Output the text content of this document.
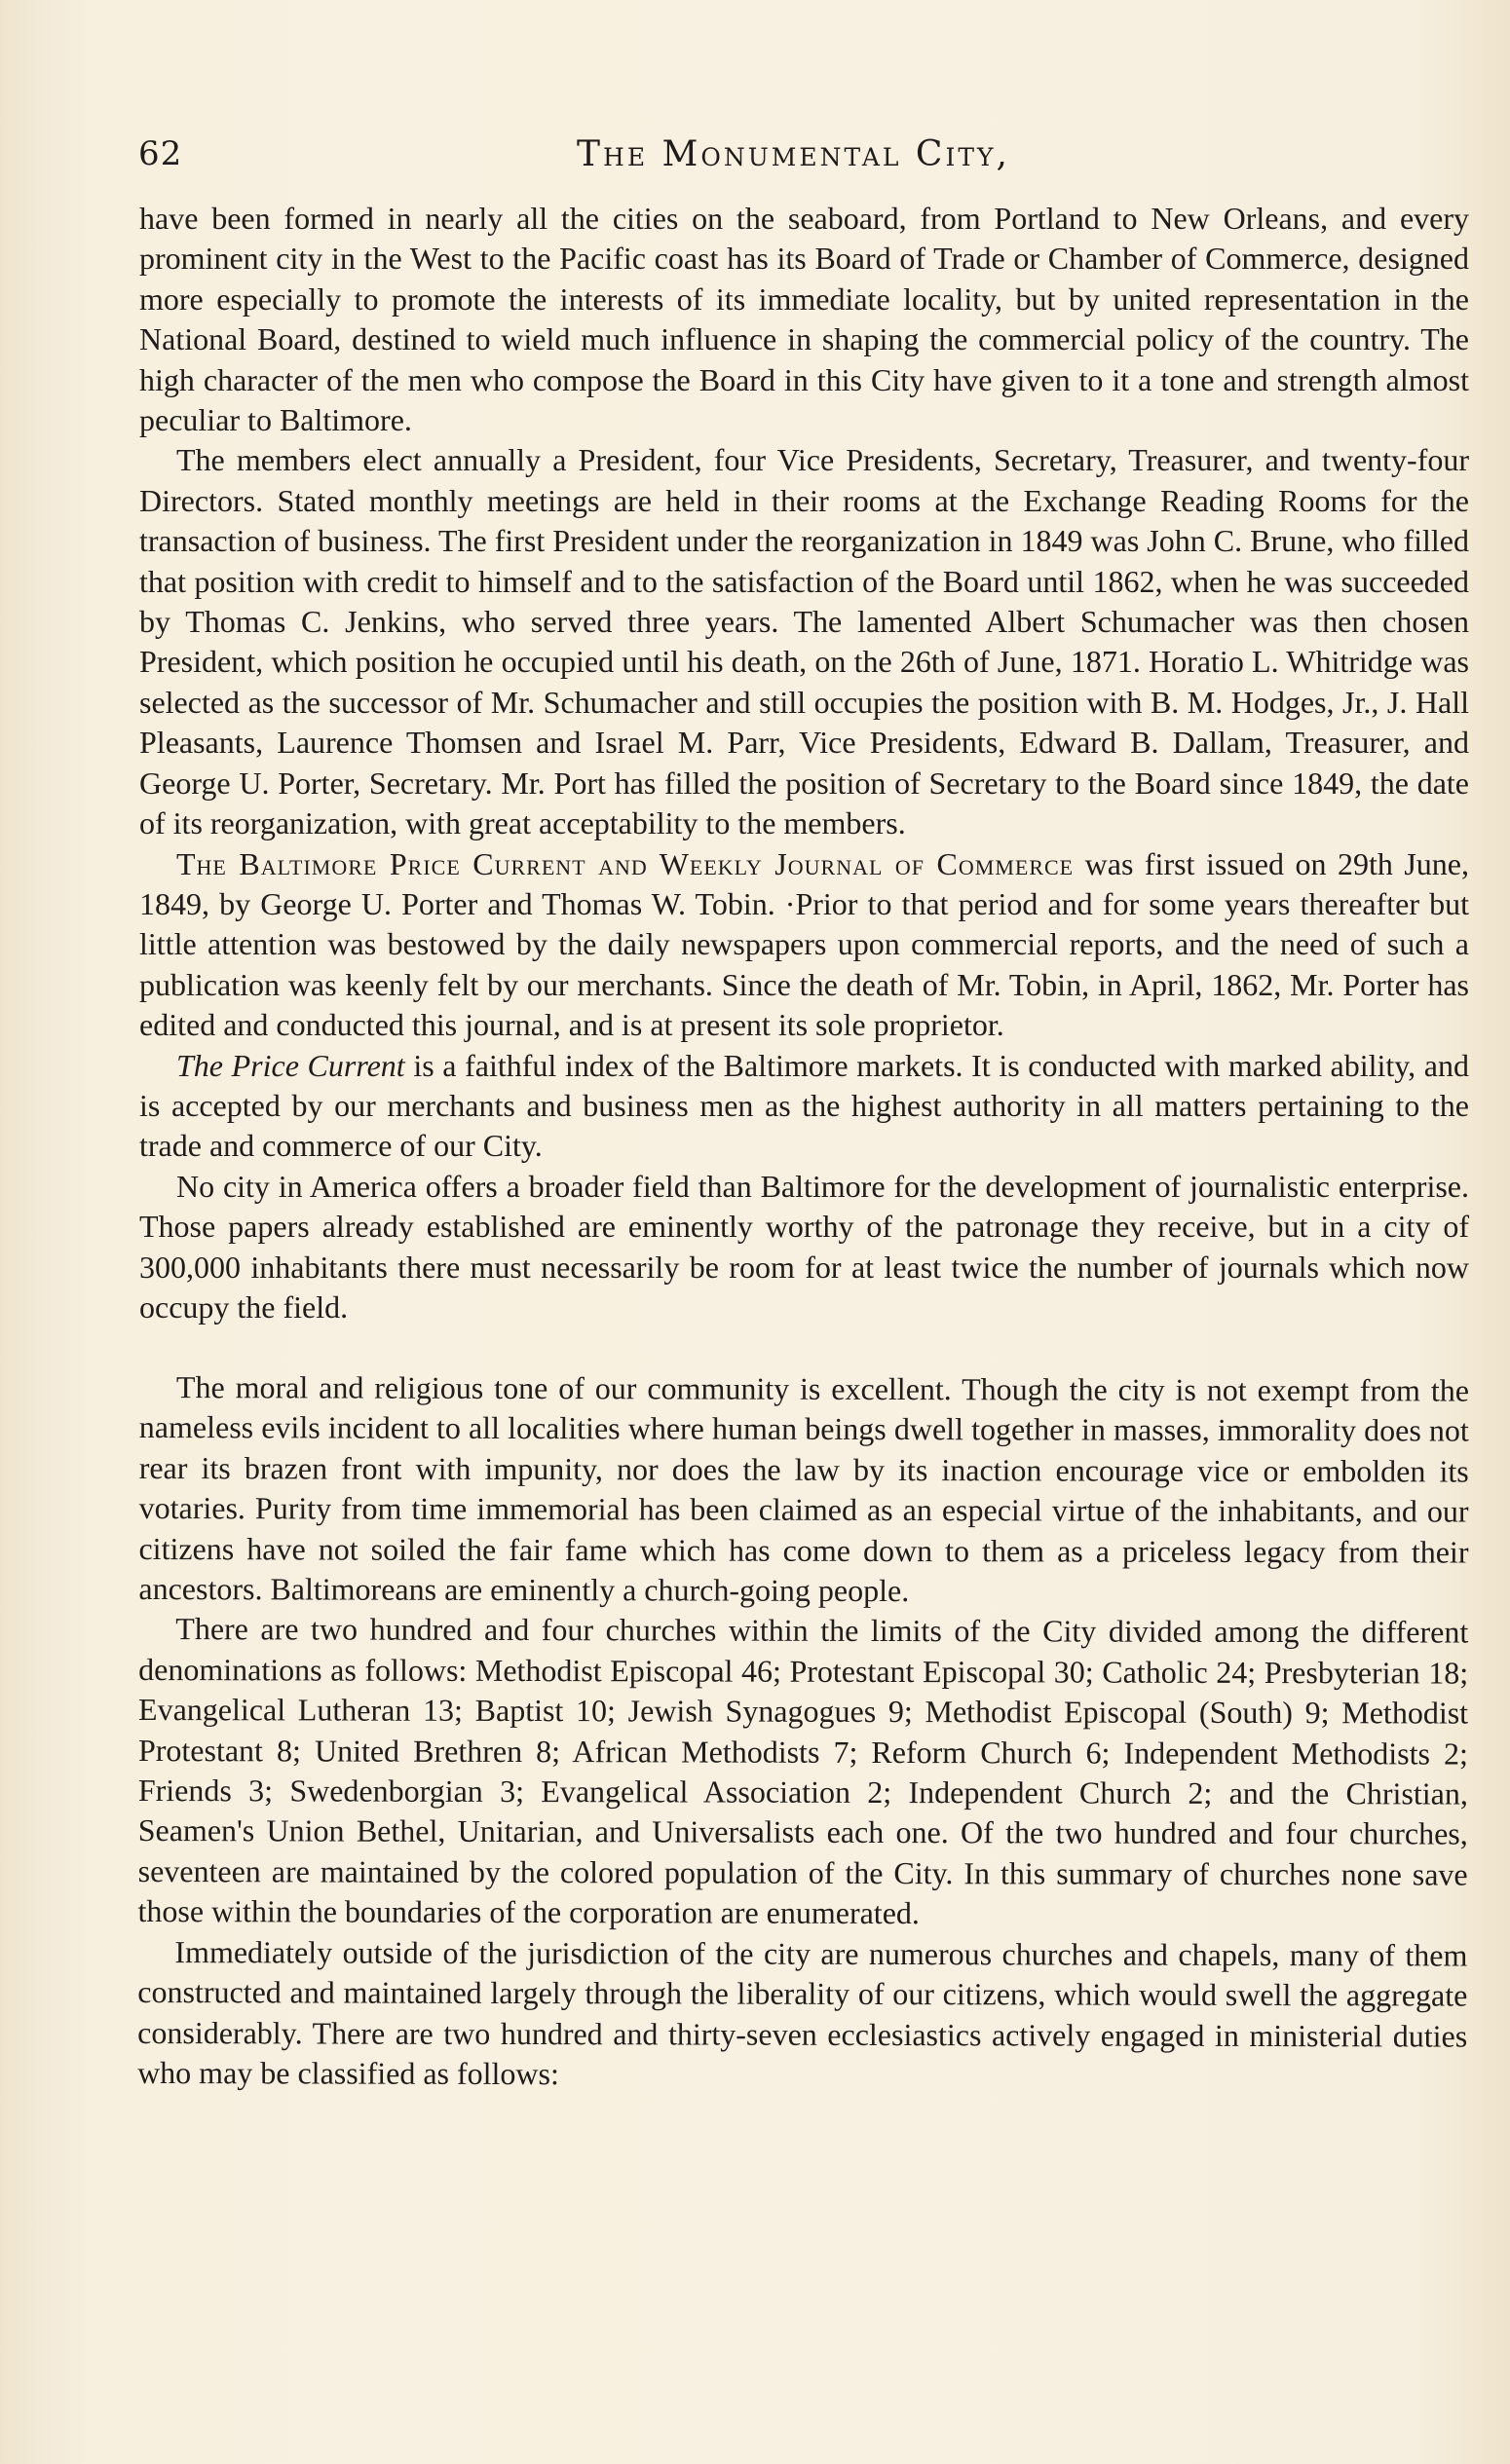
62	The Monumental City,

have been formed in nearly all the cities on the seaboard, from Portland to New Orleans, and every prominent city in the West to the Pacific coast has its Board of Trade or Chamber of Commerce, designed more especially to promote the interests of its immediate locality, but by united representation in the National Board, destined to wield much influence in shaping the commercial policy of the country. The high character of the men who compose the Board in this City have given to it a tone and strength almost peculiar to Baltimore.

The members elect annually a President, four Vice Presidents, Secretary, Treasurer, and twenty-four Directors. Stated monthly meetings are held in their rooms at the Exchange Reading Rooms for the transaction of business. The first President under the reorganization in 1849 was John C. Brune, who filled that position with credit to himself and to the satisfaction of the Board until 1862, when he was succeeded by Thomas C. Jenkins, who served three years. The lamented Albert Schumacher was then chosen President, which position he occupied until his death, on the 26th of June, 1871. Horatio L. Whitridge was selected as the successor of Mr. Schumacher and still occupies the position with B. M. Hodges, Jr., J. Hall Pleasants, Laurence Thomsen and Israel M. Parr, Vice Presidents, Edward B. Dallam, Treasurer, and George U. Porter, Secretary. Mr. Port has filled the position of Secretary to the Board since 1849, the date of its reorganization, with great acceptability to the members.

The Baltimore Price Current and Weekly Journal of Commerce was first issued on 29th June, 1849, by George U. Porter and Thomas W. Tobin. ·Prior to that period and for some years thereafter but little attention was bestowed by the daily newspapers upon commercial reports, and the need of such a publication was keenly felt by our merchants. Since the death of Mr. Tobin, in April, 1862, Mr. Porter has edited and conducted this journal, and is at present its sole proprietor.

The Price Current is a faithful index of the Baltimore markets. It is conducted with marked ability, and is accepted by our merchants and business men as the highest authority in all matters pertaining to the trade and commerce of our City.

No city in America offers a broader field than Baltimore for the development of journalistic enterprise. Those papers already established are eminently worthy of the patronage they receive, but in a city of 300,000 inhabitants there must necessarily be room for at least twice the number of journals which now occupy the field.

The moral and religious tone of our community is excellent. Though the city is not exempt from the nameless evils incident to all localities where human beings dwell together in masses, immorality does not rear its brazen front with impunity, nor does the law by its inaction encourage vice or embolden its votaries. Purity from time immemorial has been claimed as an especial virtue of the inhabitants, and our citizens have not soiled the fair fame which has come down to them as a priceless legacy from their ancestors. Baltimoreans are eminently a church-going people.

There are two hundred and four churches within the limits of the City divided among the different denominations as follows: Methodist Episcopal 46; Protestant Episcopal 30; Catholic 24; Presbyterian 18; Evangelical Lutheran 13; Baptist 10; Jewish Synagogues 9; Methodist Episcopal (South) 9; Methodist Protestant 8; United Brethren 8; African Methodists 7; Reform Church 6; Independent Methodists 2; Friends 3; Swedenborgian 3; Evangelical Association 2; Independent Church 2; and the Christian, Seamen's Union Bethel, Unitarian, and Universalists each one. Of the two hundred and four churches, seventeen are maintained by the colored population of the City. In this summary of churches none save those within the boundaries of the corporation are enumerated.

Immediately outside of the jurisdiction of the city are numerous churches and chapels, many of them constructed and maintained largely through the liberality of our citizens, which would swell the aggregate considerably. There are two hundred and thirty-seven ecclesiastics actively engaged in ministerial duties who may be classified as follows:
